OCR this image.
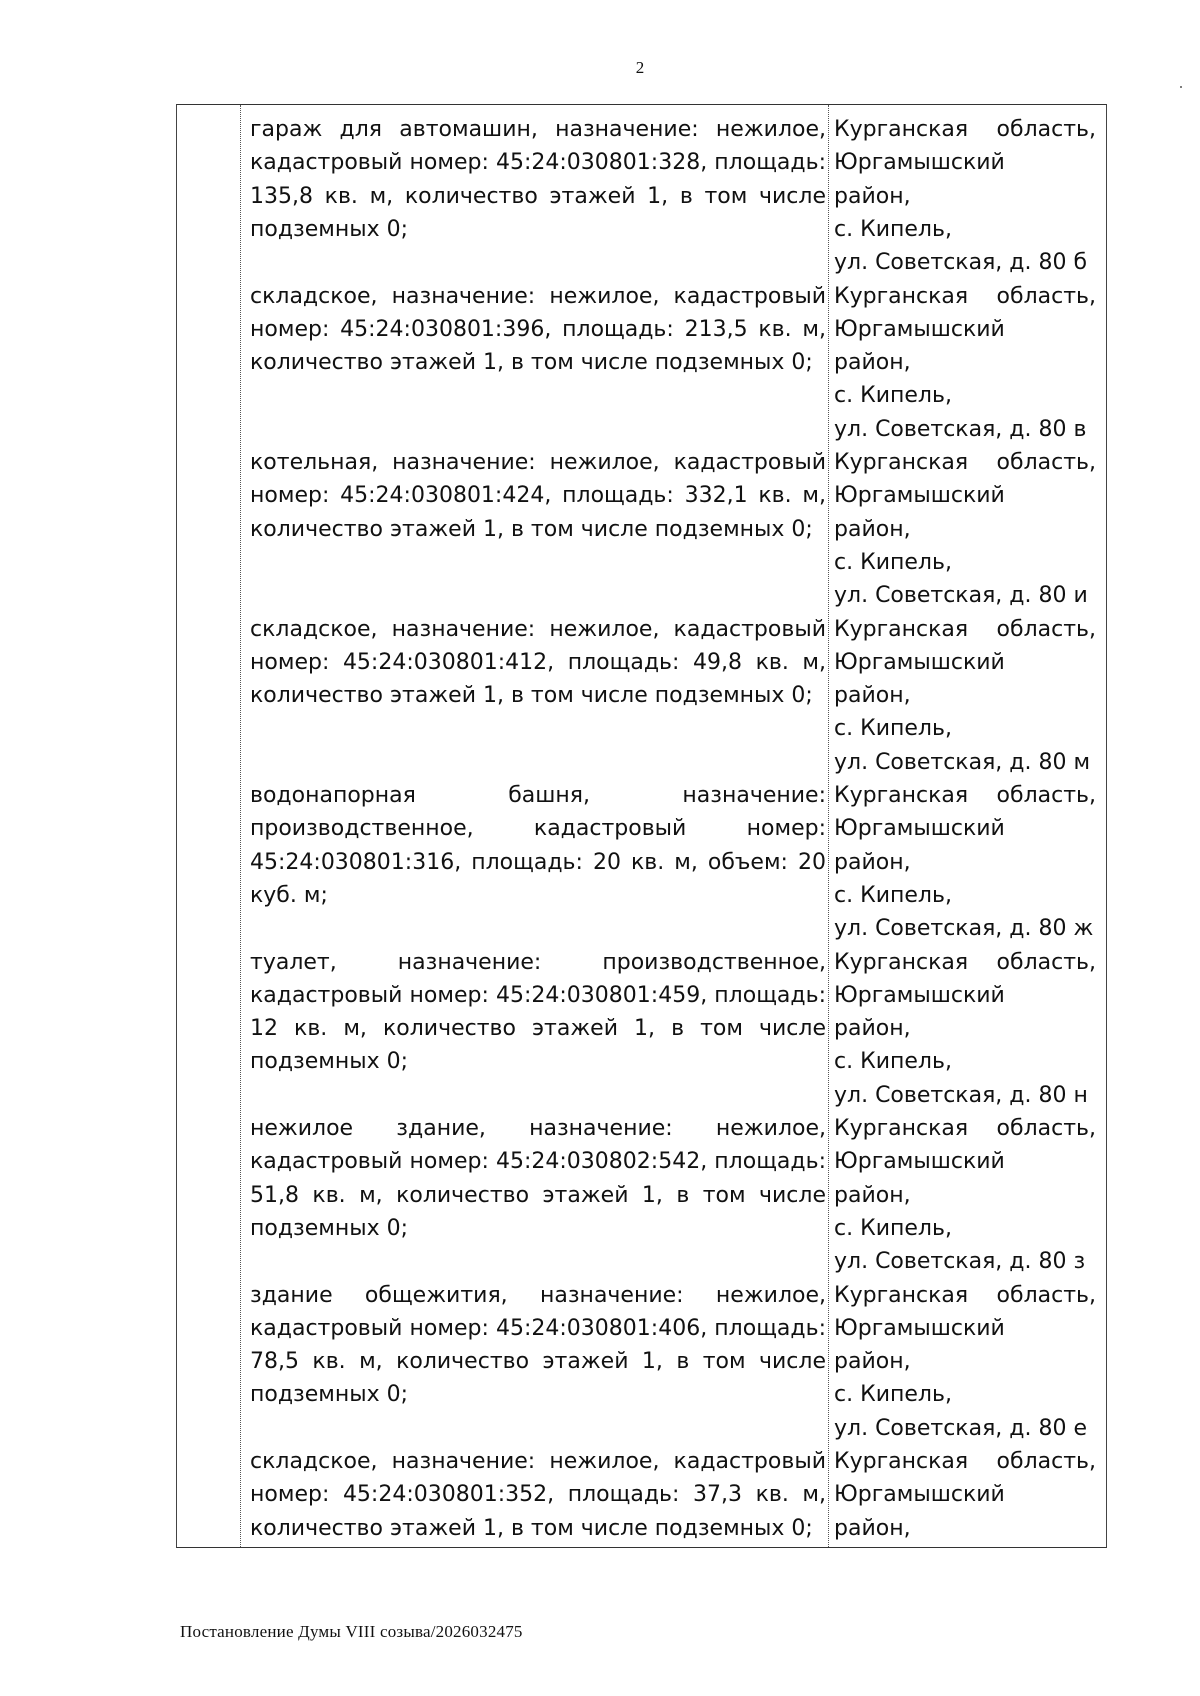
2
гараж для автомашин, назначение: нежилое, кадастровый номер: 45:24:030801:328, площадь: 135,8 кв. м, количество этажей 1, в том числе подземных 0;
Курганская область,
Юргамышский
район,
с. Кипель,
ул. Советская, д. 80 б
складское, назначение: нежилое, кадастровый номер: 45:24:030801:396, площадь: 213,5 кв. м, количество этажей 1, в том числе подземных 0;
Курганская область,
Юргамышский
район,
с. Кипель,
ул. Советская, д. 80 в
котельная, назначение: нежилое, кадастровый номер: 45:24:030801:424, площадь: 332,1 кв. м, количество этажей 1, в том числе подземных 0;
Курганская область,
Юргамышский
район,
с. Кипель,
ул. Советская, д. 80 и
складское, назначение: нежилое, кадастровый номер: 45:24:030801:412, площадь: 49,8 кв. м, количество этажей 1, в том числе подземных 0;
Курганская область,
Юргамышский
район,
с. Кипель,
ул. Советская, д. 80 м
водонапорная башня, назначение: производственное, кадастровый номер: 45:24:030801:316, площадь: 20 кв. м, объем: 20 куб. м;
Курганская область,
Юргамышский
район,
с. Кипель,
ул. Советская, д. 80 ж
туалет, назначение: производственное, кадастровый номер: 45:24:030801:459, площадь: 12 кв. м, количество этажей 1, в том числе подземных 0;
Курганская область,
Юргамышский
район,
с. Кипель,
ул. Советская, д. 80 н
нежилое здание, назначение: нежилое, кадастровый номер: 45:24:030802:542, площадь: 51,8 кв. м, количество этажей 1, в том числе подземных 0;
Курганская область,
Юргамышский
район,
с. Кипель,
ул. Советская, д. 80 з
здание общежития, назначение: нежилое, кадастровый номер: 45:24:030801:406, площадь: 78,5 кв. м, количество этажей 1, в том числе подземных 0;
Курганская область,
Юргамышский
район,
с. Кипель,
ул. Советская, д. 80 е
складское, назначение: нежилое, кадастровый номер: 45:24:030801:352, площадь: 37,3 кв. м, количество этажей 1, в том числе подземных 0;
Курганская область,
Юргамышский
район,
Постановление Думы VIII созыва/2026032475
